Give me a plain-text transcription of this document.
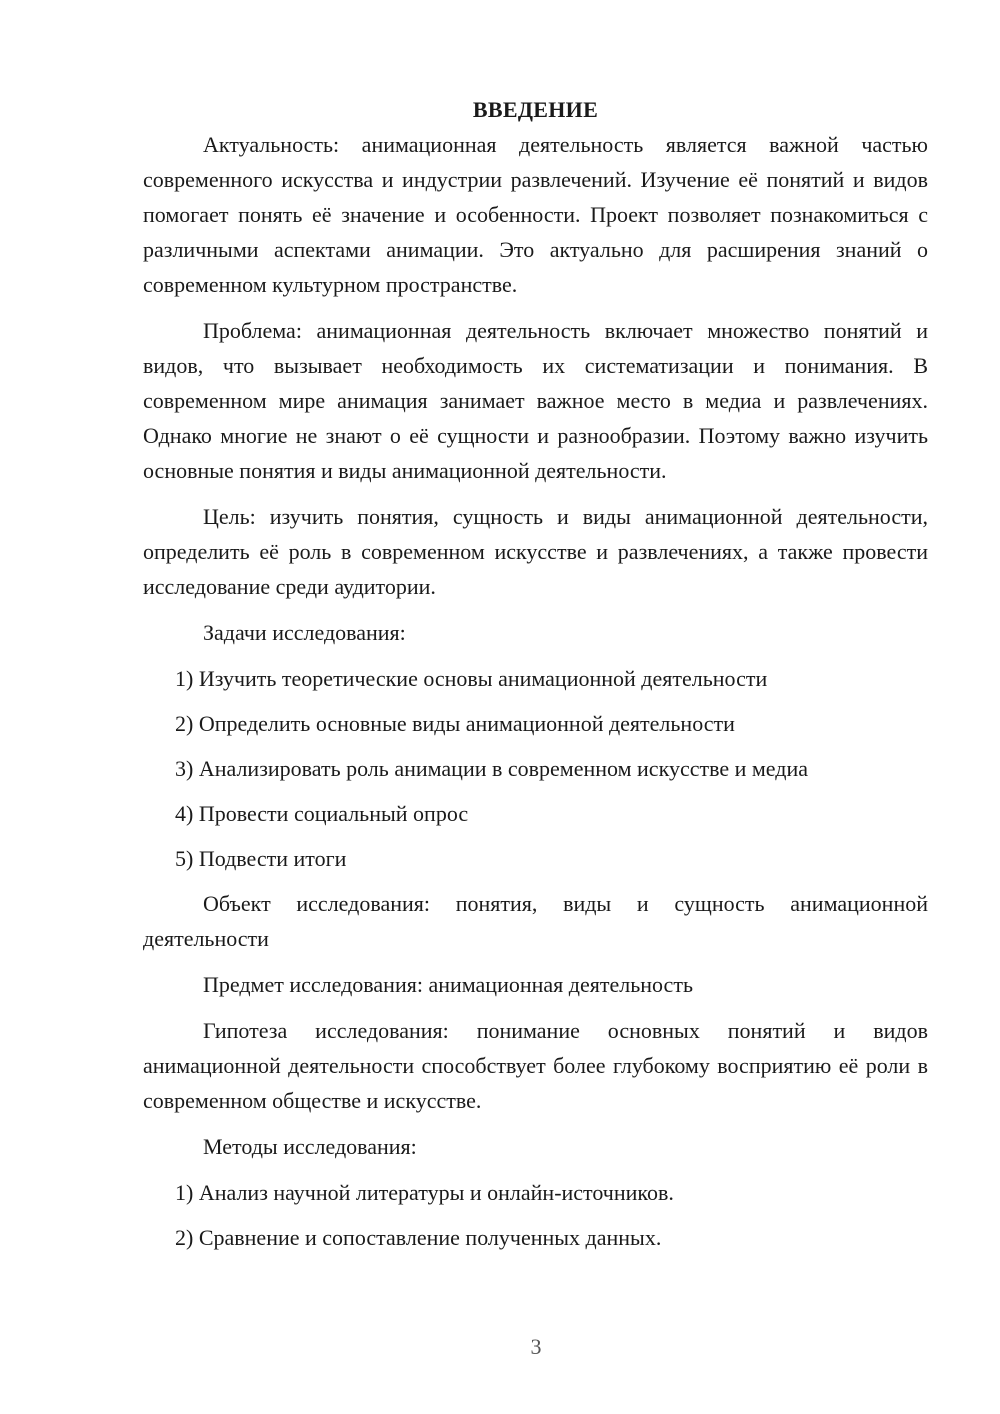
ВВЕДЕНИЕ

Актуальность: анимационная деятельность является важной частью современного искусства и индустрии развлечений. Изучение её понятий и видов помогает понять её значение и особенности. Проект позволяет познакомиться с различными аспектами анимации. Это актуально для расширения знаний о современном культурном пространстве.

Проблема: анимационная деятельность включает множество понятий и видов, что вызывает необходимость их систематизации и понимания. В современном мире анимация занимает важное место в медиа и развлечениях. Однако многие не знают о её сущности и разнообразии. Поэтому важно изучить основные понятия и виды анимационной деятельности.

Цель: изучить понятия, сущность и виды анимационной деятельности, определить её роль в современном искусстве и развлечениях, а также провести исследование среди аудитории.

Задачи исследования:

1) Изучить теоретические основы анимационной деятельности
2) Определить основные виды анимационной деятельности
3) Анализировать роль анимации в современном искусстве и медиа
4) Провести социальный опрос
5) Подвести итоги

Объект исследования: понятия, виды и сущность анимационной деятельности

Предмет исследования: анимационная деятельность

Гипотеза исследования: понимание основных понятий и видов анимационной деятельности способствует более глубокому восприятию её роли в современном обществе и искусстве.

Методы исследования:

1) Анализ научной литературы и онлайн-источников.
2) Сравнение и сопоставление полученных данных.
3
